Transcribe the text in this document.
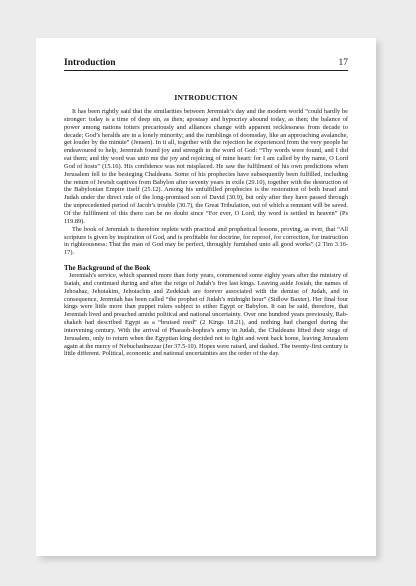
Introduction	17
INTRODUCTION

It has been rightly said that the similarities between Jeremiah’s day and the modern world “could hardly be stronger: today is a time of deep sin, as then; apostasy and hypocrisy abound today, as then; the balance of power among nations totters precariously and alliances change with apparent recklessness from decade to decade; God’s heralds are in a lonely minority; and the rumblings of doomsday, like an approaching avalanche, get louder by the minute” (Jensen). In it all, together with the rejection he experienced from the very people he endeavoured to help, Jeremiah found joy and strength in the word of God: “Thy words were found, and I did eat them; and thy word was unto me the joy and rejoicing of mine heart: for I am called by thy name, O Lord God of hosts” (15.16). His confidence was not misplaced. He saw the fulfilment of his own predictions when Jerusalem fell to the besieging Chaldeans. Some of his prophecies have subsequently been fulfilled, including the return of Jewish captives from Babylon after seventy years in exile (29.10), together with the destruction of the Babylonian Empire itself (25.12). Among his unfulfilled prophecies is the restoration of both Israel and Judah under the direct rule of the long-promised son of David (30.9), but only after they have passed through the unprecedented period of Jacob’s trouble (30.7), the Great Tribulation, out of which a remnant will be saved. Of the fulfilment of this there can be no doubt since “For ever, O Lord, thy word is settled in heaven” (Ps 119.89).

The book of Jeremiah is therefore replete with practical and prophetical lessons, proving, as ever, that “All scripture is given by inspiration of God, and is profitable for doctrine, for reproof, for correction, for instruction in righteousness: That the man of God may be perfect, throughly furnished unto all good works” (2 Tim 3.16-17).

The Background of the Book

Jeremiah’s service, which spanned more than forty years, commenced some eighty years after the ministry of Isaiah, and continued during and after the reign of Judah’s five last kings. Leaving aside Josiah, the names of Jehoahaz, Jehoiakim, Jehoiachin and Zedekiah are forever associated with the demise of Judah, and in consequence, Jeremiah has been called “the prophet of Judah’s midnight hour” (Sidlow Baxter). Her final four kings were little more than puppet rulers subject to either Egypt or Babylon. It can be said, therefore, that Jeremiah lived and preached amidst political and national uncertainty. Over one hundred years previously, Rab-shakeh had described Egypt as a “bruised reed” (2 Kings 18.21), and nothing had changed during the intervening century. With the arrival of Pharaoh-hophra’s army in Judah, the Chaldeans lifted their siege of Jerusalem, only to return when the Egyptian king decided not to fight and went back home, leaving Jerusalem again at the mercy of Nebuchadnezzar (Jer 37.5-10). Hopes were raised, and dashed. The twenty-first century is little different. Political, economic and national uncertainties are the order of the day.
